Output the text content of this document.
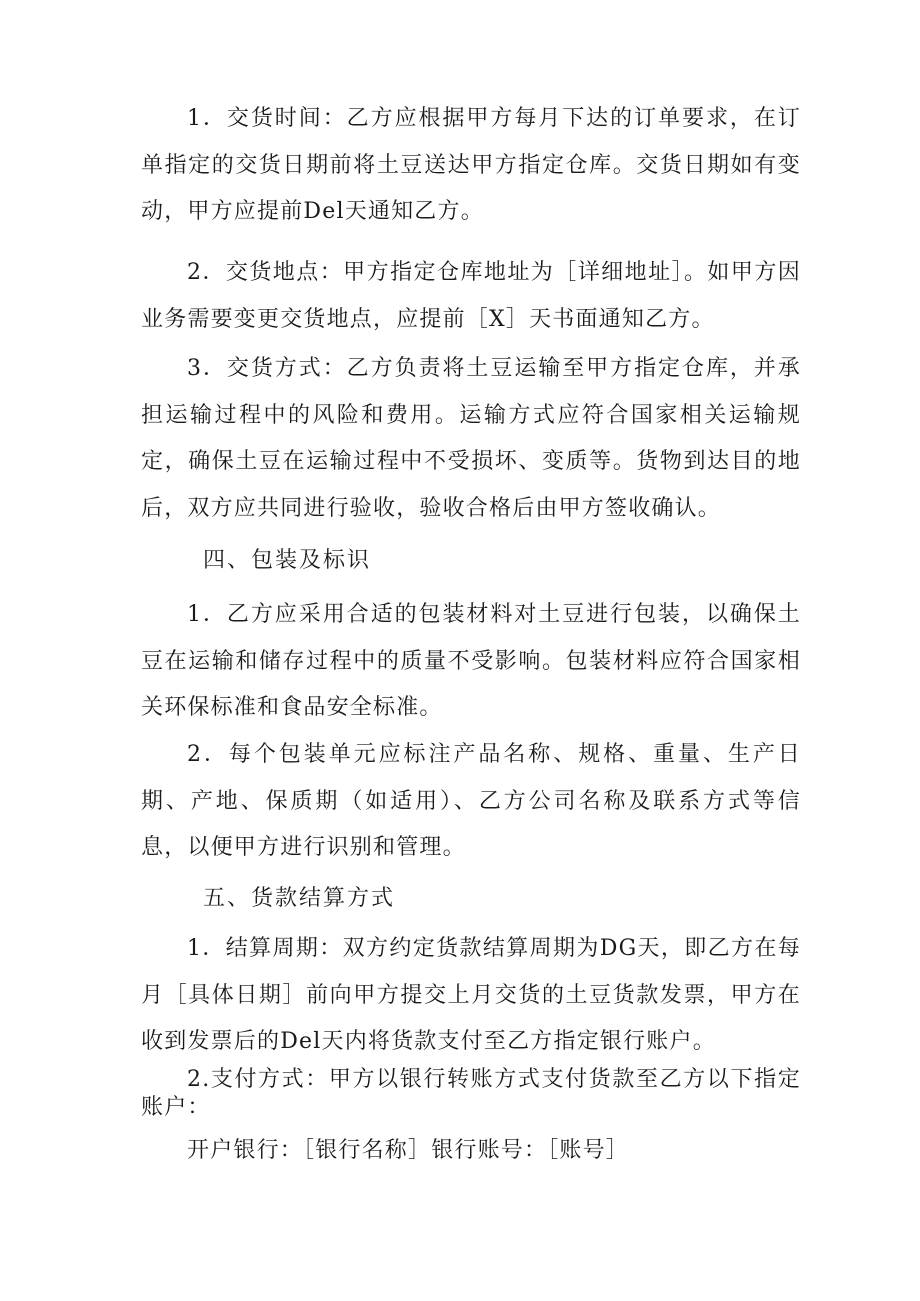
1．交货时间：乙方应根据甲方每月下达的订单要求，在订单指定的交货日期前将土豆送达甲方指定仓库。交货日期如有变动，甲方应提前Del天通知乙方。

2．交货地点：甲方指定仓库地址为［详细地址］。如甲方因业务需要变更交货地点，应提前［X］天书面通知乙方。

3．交货方式：乙方负责将土豆运输至甲方指定仓库，并承担运输过程中的风险和费用。运输方式应符合国家相关运输规定，确保土豆在运输过程中不受损坏、变质等。货物到达目的地后，双方应共同进行验收，验收合格后由甲方签收确认。

四、包装及标识

1．乙方应采用合适的包装材料对土豆进行包装，以确保土豆在运输和储存过程中的质量不受影响。包装材料应符合国家相关环保标准和食品安全标准。

2．每个包装单元应标注产品名称、规格、重量、生产日期、产地、保质期（如适用）、乙方公司名称及联系方式等信息，以便甲方进行识别和管理。

五、货款结算方式

1．结算周期：双方约定货款结算周期为DG天，即乙方在每月［具体日期］前向甲方提交上月交货的土豆货款发票，甲方在收到发票后的Del天内将货款支付至乙方指定银行账户。

2.支付方式：甲方以银行转账方式支付货款至乙方以下指定账户：

开户银行：［银行名称］银行账号：［账号］
